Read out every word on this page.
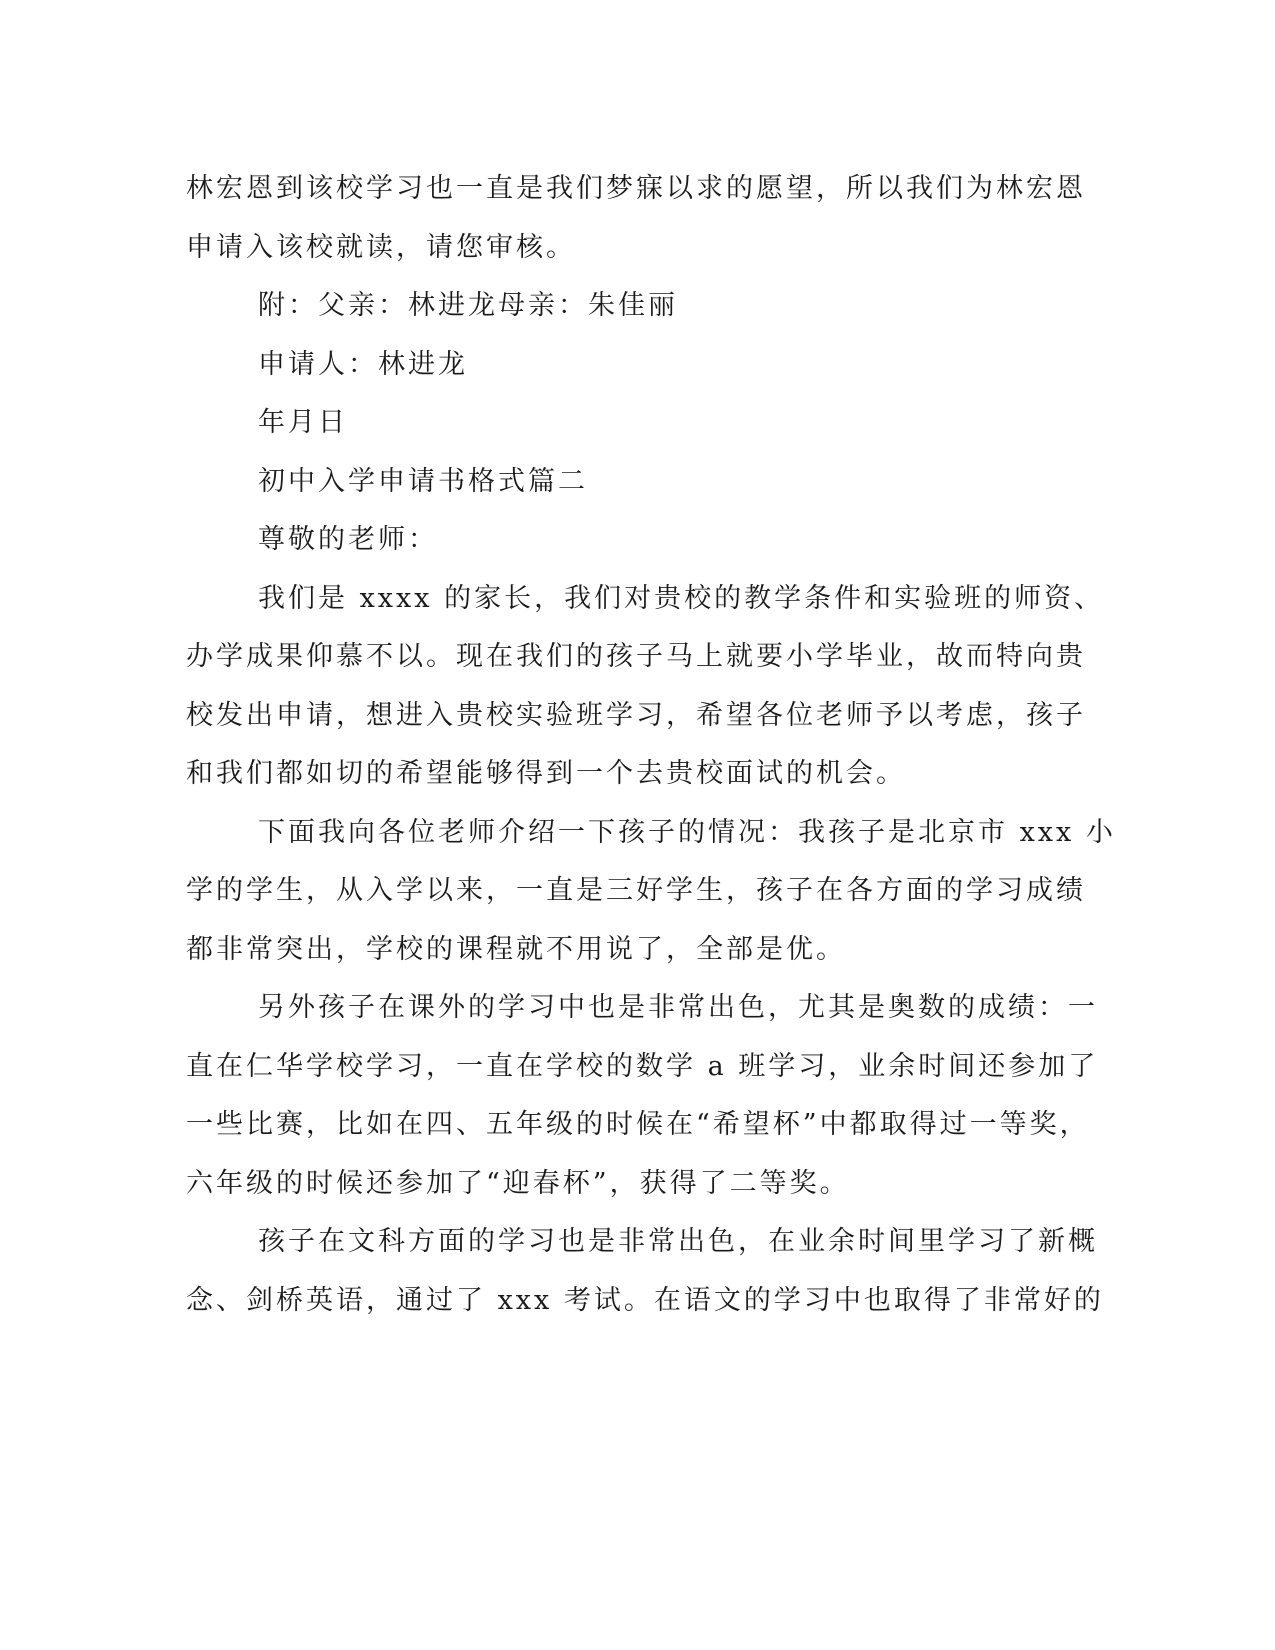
林宏恩到该校学习也一直是我们梦寐以求的愿望，所以我们为林宏恩
申请入该校就读，请您审核。
附：父亲：林进龙母亲：朱佳丽
申请人：林进龙
年月日
初中入学申请书格式篇二
尊敬的老师：
我们是 xxxx 的家长，我们对贵校的教学条件和实验班的师资、
办学成果仰慕不以。现在我们的孩子马上就要小学毕业，故而特向贵
校发出申请，想进入贵校实验班学习，希望各位老师予以考虑，孩子
和我们都如切的希望能够得到一个去贵校面试的机会。
下面我向各位老师介绍一下孩子的情况：我孩子是北京市 xxx 小
学的学生，从入学以来，一直是三好学生，孩子在各方面的学习成绩
都非常突出，学校的课程就不用说了，全部是优。
另外孩子在课外的学习中也是非常出色，尤其是奥数的成绩：一
直在仁华学校学习，一直在学校的数学 a 班学习，业余时间还参加了
一些比赛，比如在四、五年级的时候在“希望杯”中都取得过一等奖，
六年级的时候还参加了“迎春杯”，获得了二等奖。
孩子在文科方面的学习也是非常出色，在业余时间里学习了新概
念、剑桥英语，通过了 xxx 考试。在语文的学习中也取得了非常好的
